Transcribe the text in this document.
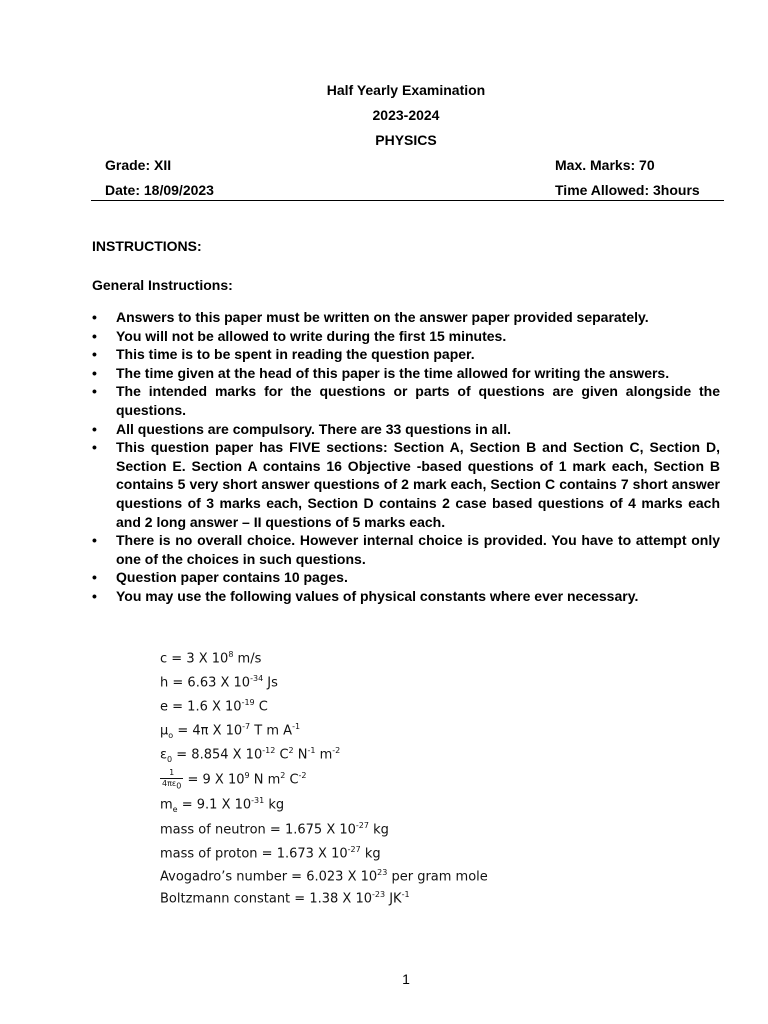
Half Yearly Examination
2023-2024
PHYSICS
Grade: XII	Max. Marks: 70
Date: 18/09/2023	Time Allowed: 3hours
INSTRUCTIONS:
General Instructions:
• Answers to this paper must be written on the answer paper provided separately.
• You will not be allowed to write during the first 15 minutes.
• This time is to be spent in reading the question paper.
• The time given at the head of this paper is the time allowed for writing the answers.
• The intended marks for the questions or parts of questions are given alongside the questions.
• All questions are compulsory. There are 33 questions in all.
• This question paper has FIVE sections: Section A, Section B and Section C, Section D, Section E. Section A contains 16 Objective -based questions of 1 mark each, Section B contains 5 very short answer questions of 2 mark each, Section C contains 7 short answer questions of 3 marks each, Section D contains 2 case based questions of 4 marks each and 2 long answer – II questions of 5 marks each.
• There is no overall choice. However internal choice is provided. You have to attempt only one of the choices in such questions.
• Question paper contains 10 pages.
• You may use the following values of physical constants where ever necessary.
c = 3 X $10^8$ m/s
h = 6.63 X $10^{-34}$ Js
e = 1.6 X $10^{-19}$ C
$\mu_o = 4\pi$ X $10^{-7}$ T m $A^{-1}$
$\varepsilon_0 = 8.854$ X $10^{-12}$ $C^2$ $N^{-1}$ $m^{-2}$
$\frac{1}{4\pi\varepsilon_0} = 9$ X $10^9$ N $m^2$ $C^{-2}$
$m_e = 9.1$ X $10^{-31}$ kg
mass of neutron = 1.675 X $10^{-27}$ kg
mass of proton = 1.673 X $10^{-27}$ kg
Avogadro’s number = 6.023 X $10^{23}$ per gram mole
Boltzmann constant = 1.38 X $10^{-23}$ $JK^{-1}$
1
